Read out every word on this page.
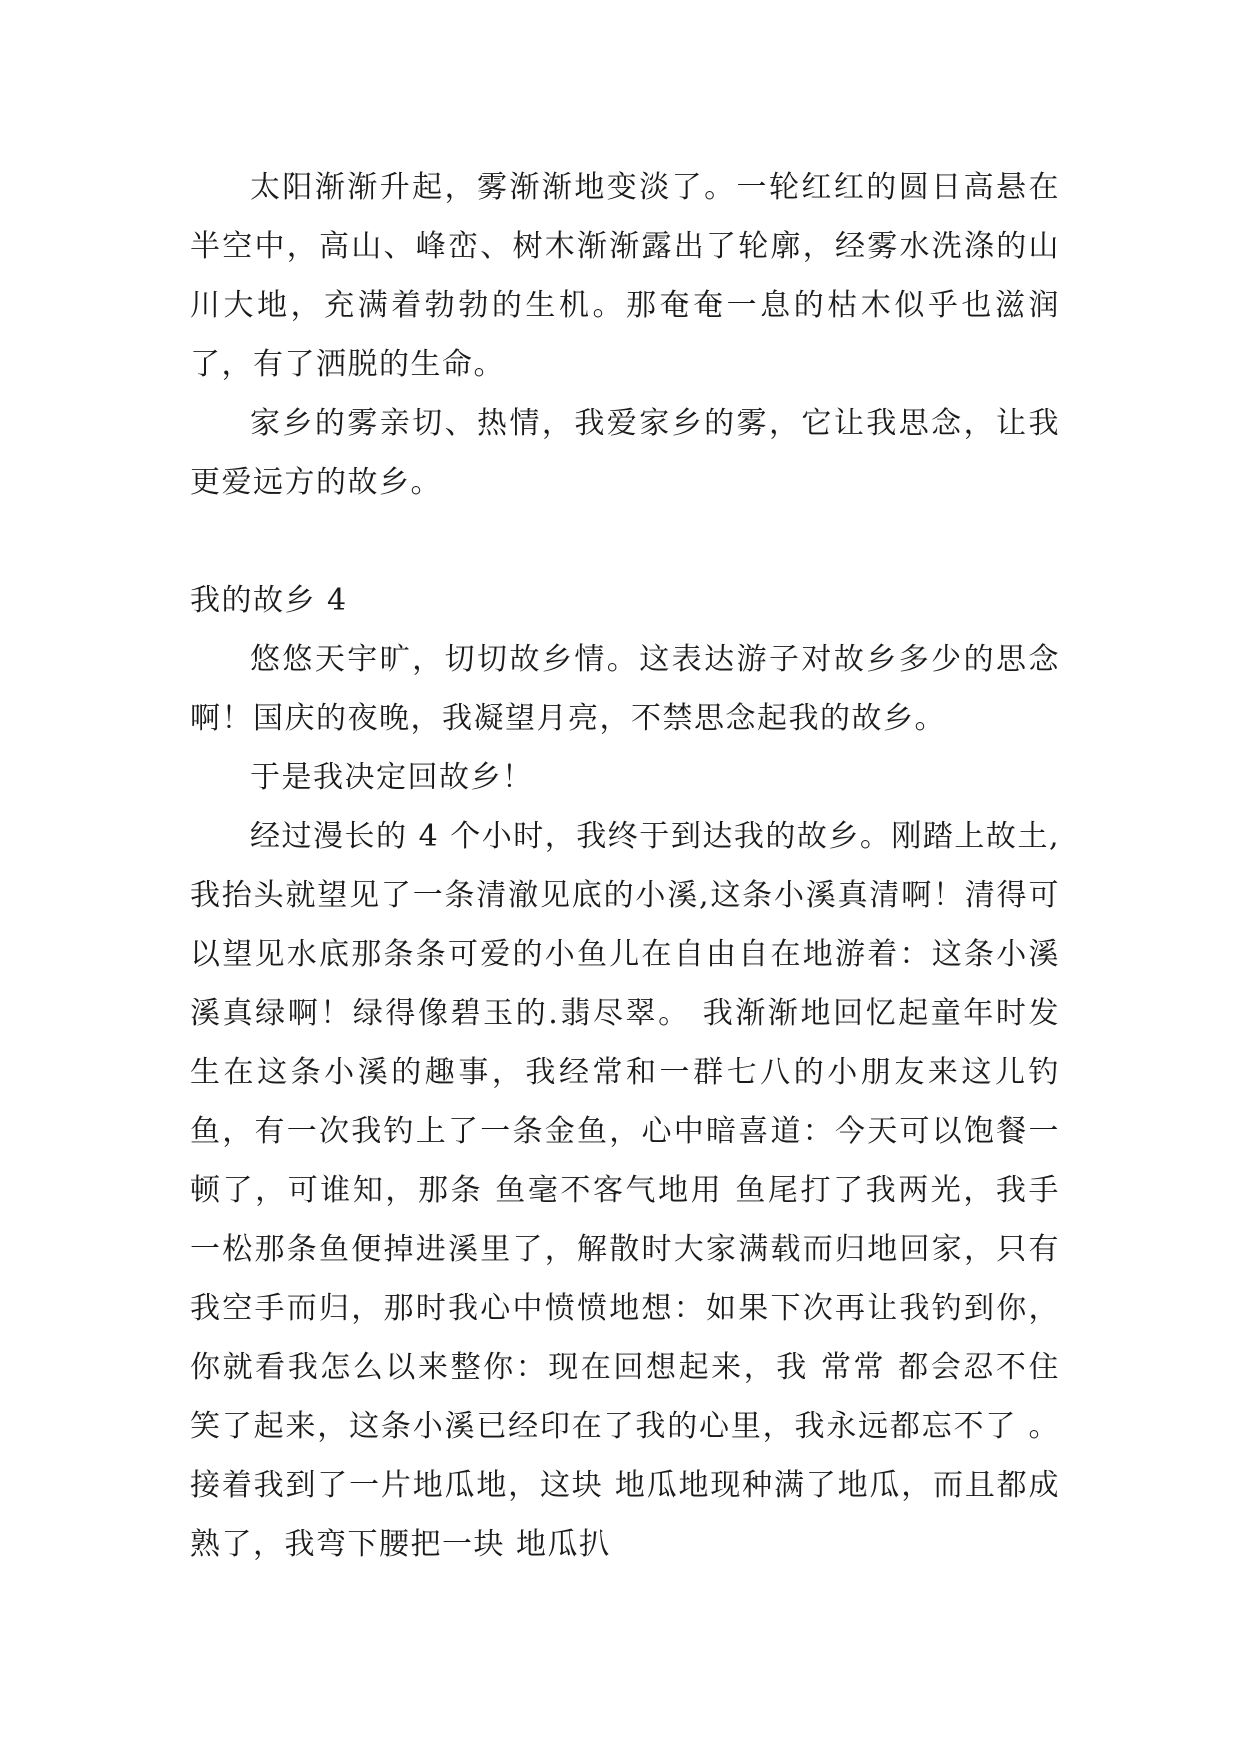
太阳渐渐升起，雾渐渐地变淡了。一轮红红的圆日高悬在半空中，高山、峰峦、树木渐渐露出了轮廓，经雾水洗涤的山川大地，充满着勃勃的生机。那奄奄一息的枯木似乎也滋润了，有了洒脱的生命。

家乡的雾亲切、热情，我爱家乡的雾，它让我思念，让我更爱远方的故乡。

我的故乡 4

悠悠天宇旷，切切故乡情。这表达游子对故乡多少的思念啊！国庆的夜晚，我凝望月亮，不禁思念起我的故乡。

于是我决定回故乡！

经过漫长的 4 个小时，我终于到达我的故乡。刚踏上故土,我抬头就望见了一条清澈见底的小溪,这条小溪真清啊！清得可以望见水底那条条可爱的小鱼儿在自由自在地游着：这条小溪溪真绿啊！绿得像碧玉的.翡尽翠。 我渐渐地回忆起童年时发生在这条小溪的趣事，我经常和一群七八的小朋友来这儿钓鱼，有一次我钓上了一条金鱼，心中暗喜道：今天可以饱餐一顿了，可谁知，那条 鱼毫不客气地用 鱼尾打了我两光，我手一松那条鱼便掉进溪里了，解散时大家满载而归地回家，只有我空手而归，那时我心中愤愤地想：如果下次再让我钓到你，你就看我怎么以来整你：现在回想起来，我 常常 都会忍不住笑了起来，这条小溪已经印在了我的心里，我永远都忘不了 。接着我到了一片地瓜地，这块 地瓜地现种满了地瓜，而且都成熟了，我弯下腰把一块 地瓜扒
